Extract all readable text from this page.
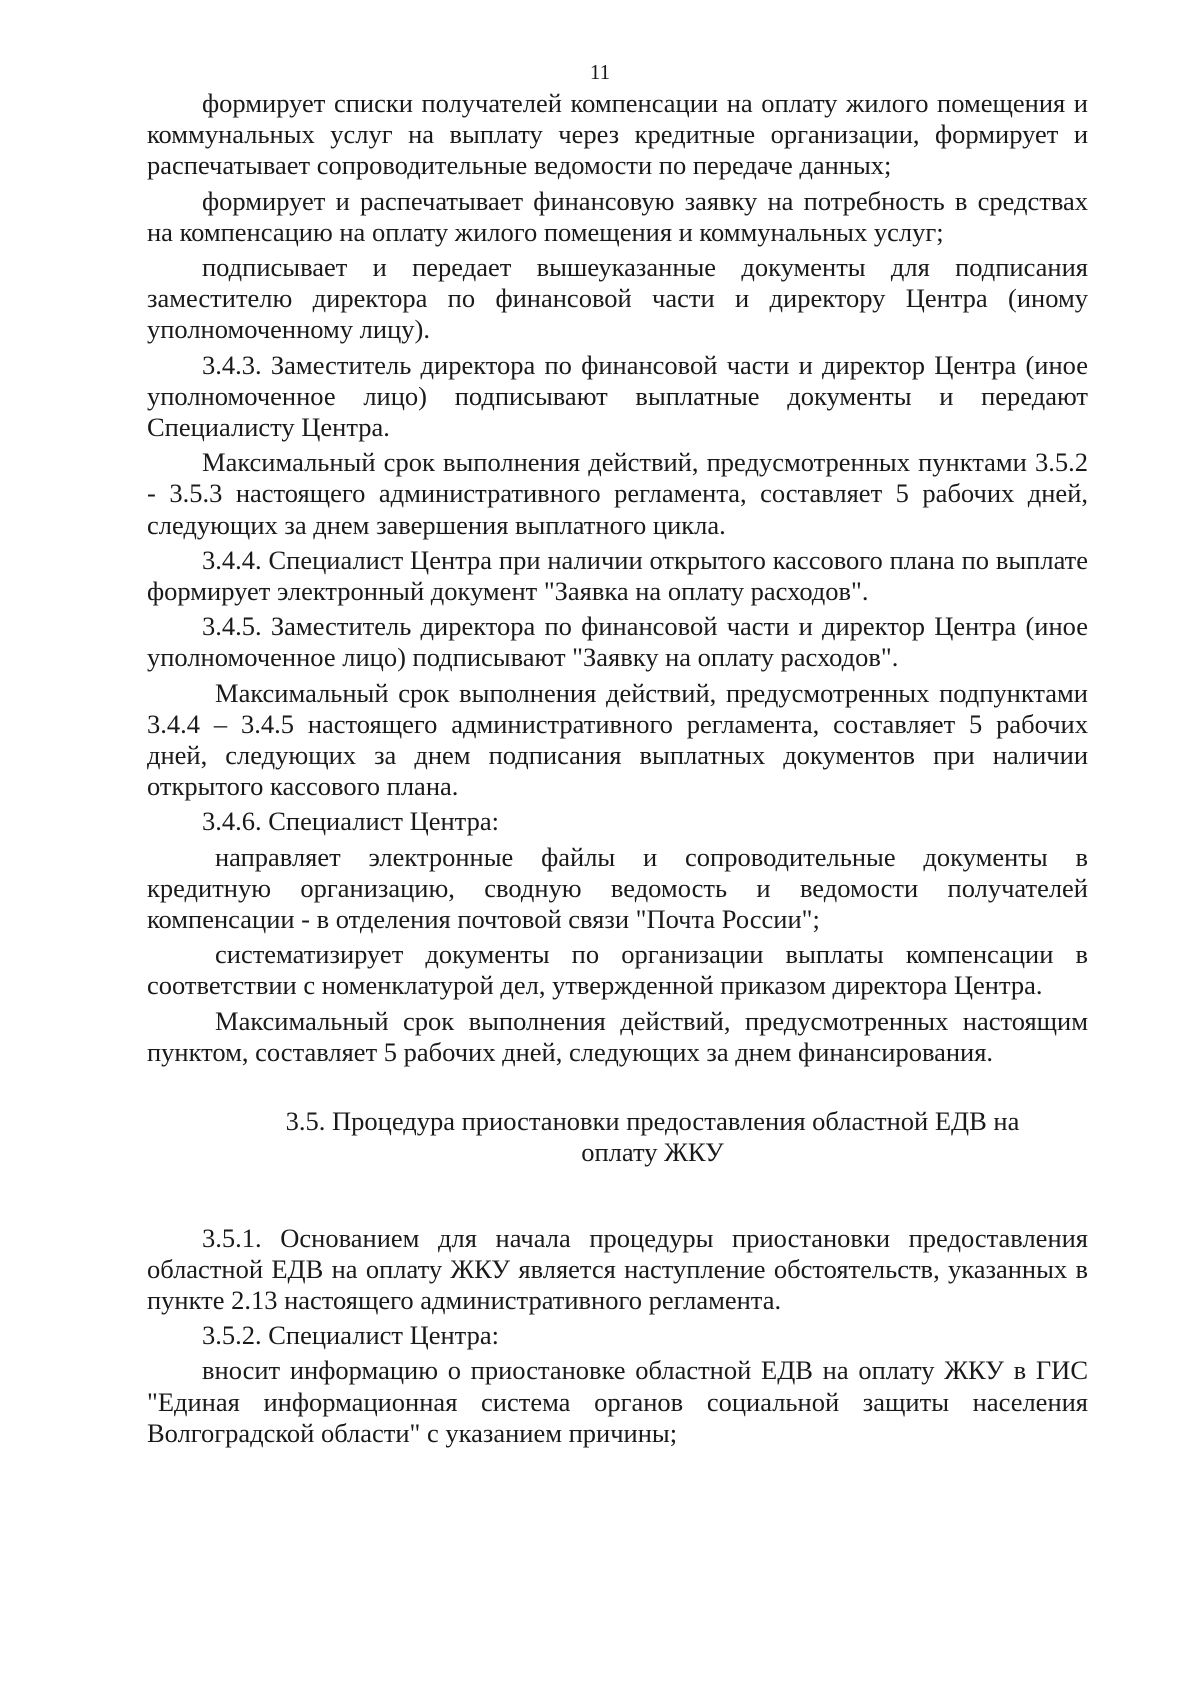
11

формирует списки получателей компенсации на оплату жилого помещения и коммунальных услуг на выплату через кредитные организации, формирует и распечатывает сопроводительные ведомости по передаче данных;

формирует и распечатывает финансовую заявку на потребность в средствах на компенсацию на оплату жилого помещения и коммунальных услуг;

подписывает и передает вышеуказанные документы для подписания заместителю директора по финансовой части и директору Центра (иному уполномоченному лицу).

3.4.3. Заместитель директора по финансовой части и директор Центра (иное уполномоченное лицо) подписывают выплатные документы и передают Специалисту Центра.

Максимальный срок выполнения действий, предусмотренных пунктами 3.5.2 - 3.5.3 настоящего административного регламента, составляет 5 рабочих дней, следующих за днем завершения выплатного цикла.

3.4.4. Специалист Центра при наличии открытого кассового плана по выплате формирует электронный документ "Заявка на оплату расходов".

3.4.5. Заместитель директора по финансовой части и директор Центра (иное уполномоченное лицо) подписывают "Заявку на оплату расходов".

Максимальный срок выполнения действий, предусмотренных подпунктами 3.4.4 – 3.4.5 настоящего административного регламента, составляет 5 рабочих дней, следующих за днем подписания выплатных документов при наличии открытого кассового плана.

3.4.6. Специалист Центра:

направляет электронные файлы и сопроводительные документы в кредитную организацию, сводную ведомость и ведомости получателей компенсации - в отделения почтовой связи "Почта России";

систематизирует документы по организации выплаты компенсации в соответствии с номенклатурой дел, утвержденной приказом директора Центра.

Максимальный срок выполнения действий, предусмотренных настоящим пунктом, составляет 5 рабочих дней, следующих за днем финансирования.

3.5. Процедура приостановки предоставления областной ЕДВ на оплату ЖКУ

3.5.1. Основанием для начала процедуры приостановки предоставления областной ЕДВ на оплату ЖКУ является наступление обстоятельств, указанных в пункте 2.13 настоящего административного регламента.

3.5.2. Специалист Центра:

вносит информацию о приостановке областной ЕДВ на оплату ЖКУ в ГИС "Единая информационная система органов социальной защиты населения Волгоградской области" с указанием причины;
